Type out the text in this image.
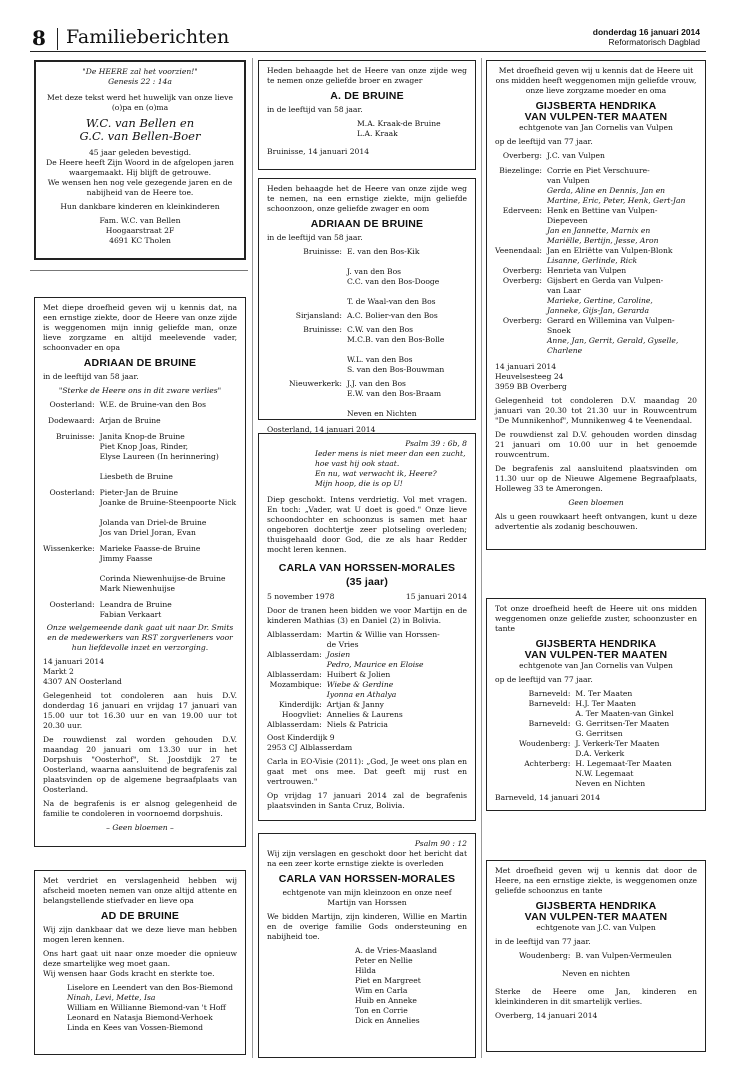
8 Familieberichten	donderdag 16 januari 2014
Reformatorisch Dagblad
"De HEERE zal het voorzien!"
Genesis 22 : 14a

Met deze tekst werd het huwelijk van onze lieve (o)pa en (o)ma

W.C. van Bellen en
G.C. van Bellen-Boer

45 jaar geleden bevestigd.
De Heere heeft Zijn Woord in de afgelopen jaren waargemaakt. Hij blijft de getrouwe.
We wensen hen nog vele gezegende jaren en de nabijheid van de Heere toe.

Hun dankbare kinderen en kleinkinderen

Fam. W.C. van Bellen
Hoogaarstraat 2F
4691 KC Tholen

Met diepe droefheid geven wij u kennis dat, na een ernstige ziekte, door de Heere van onze zijde is weggenomen mijn innig geliefde man, onze lieve zorgzame en altijd meelevende vader, schoonvader en opa

ADRIAAN DE BRUINE

in de leeftijd van 58 jaar.

"Sterke de Heere ons in dit zware verlies"

Oosterland: W.E. de Bruine-van den Bos
Dodewaard: Arjan de Bruine
Bruinisse: Janita Knop-de Bruine
Piet Knop Joas, Rinder,
Elyse Laureen (In herinnering)

Liesbeth de Bruine
Oosterland: Pieter-Jan de Bruine
Joanke de Bruine-Steenpoorte Nick

Jolanda van Driel-de Bruine
Jos van Driel Joran, Evan
Wissenkerke: Marieke Faasse-de Bruine
Jimmy Faasse

Corinda Niewenhuijse-de Bruine
Mark Niewenhuijse
Oosterland: Leandra de Bruine
Fabian Verkaart

Onze welgemeende dank gaat uit naar Dr. Smits en de medewerkers van RST zorgverleners voor hun liefdevolle inzet en verzorging.

14 januari 2014
Markt 2
4307 AN Oosterland

Gelegenheid tot condoleren aan huis D.V. donderdag 16 januari en vrijdag 17 januari van 15.00 uur tot 16.30 uur en van 19.00 uur tot 20.30 uur.

De rouwdienst zal worden gehouden D.V. maandag 20 januari om 13.30 uur in het Dorpshuis "Oosterhof", St. Joostdijk 27 te Oosterland, waarna aansluitend de begrafenis zal plaatsvinden op de algemene begraafplaats van Oosterland.

Na de begrafenis is er alsnog gelegenheid de familie te condoleren in voornoemd dorpshuis.

– Geen bloemen –

Met verdriet en verslagenheid hebben wij afscheid moeten nemen van onze altijd attente en belangstellende stiefvader en lieve opa

AD DE BRUINE

Wij zijn dankbaar dat we deze lieve man hebben mogen leren kennen.

Ons hart gaat uit naar onze moeder die opnieuw deze smartelijke weg moet gaan.
Wij wensen haar Gods kracht en sterkte toe.

Liselore en Leendert van den Bos-Biemond
Ninah, Levi, Mette, Isa
William en Willianne Biemond-van 't Hoff
Leonard en Natasja Biemond-Verhoek
Linda en Kees van Vossen-Biemond

Heden behaagde het de Heere van onze zijde weg te nemen onze geliefde broer en zwager

A. DE BRUINE

in de leeftijd van 58 jaar.

M.A. Kraak-de Bruine
L.A. Kraak
Bruinisse, 14 januari 2014

Heden behaagde het de Heere van onze zijde weg te nemen, na een ernstige ziekte, mijn geliefde schoonzoon, onze geliefde zwager en oom

ADRIAAN DE BRUINE

in de leeftijd van 58 jaar.

Bruinisse: E. van den Bos-Kik

J. van den Bos
C.C. van den Bos-Dooge

T. de Waal-van den Bos
Sirjansland: A.C. Bolier-van den Bos
Bruinisse: C.W. van den Bos
M.C.B. van den Bos-Bolle

W.L. van den Bos
S. van den Bos-Bouwman
Nieuwerkerk: J.J. van den Bos
E.W. van den Bos-Braam

Neven en Nichten
Oosterland, 14 januari 2014
Psalm 39 : 6b, 8
Ieder mens is niet meer dan een zucht,
hoe vast hij ook staat.
En nu, wat verwacht ik, Heere?
Mijn hoop, die is op U!

Diep geschokt. Intens verdrietig. Vol met vragen. En toch: „Vader, wat U doet is goed." Onze lieve schoondochter en schoonzus is samen met haar ongeboren dochtertje zeer plotseling overleden; thuisgehaald door God, die ze als haar Redder mocht leren kennen.

CARLA VAN HORSSEN-MORALES
(35 jaar)
5 november 1978	15 januari 2014

Door de tranen heen bidden we voor Martijn en de kinderen Mathias (3) en Daniel (2) in Bolivia.

Alblasserdam: Martin & Willie van Horssen-
de Vries
Alblasserdam: Josien
Pedro, Maurice en Eloise
Alblasserdam: Huibert & Jolien
Mozambique: Wiebe & Gerdine
Iyonna en Athalya
Kinderdijk: Artjan & Janny
Hoogvliet: Annelies & Laurens
Alblasserdam: Niels & Patricia

Oost Kinderdijk 9
2953 CJ Alblasserdam

Carla in EO-Visie (2011): „God, Je weet ons plan en gaat met ons mee. Dat geeft mij rust en vertrouwen."

Op vrijdag 17 januari 2014 zal de begrafenis plaatsvinden in Santa Cruz, Bolivia.

Psalm 90 : 12

Wij zijn verslagen en geschokt door het bericht dat na een zeer korte ernstige ziekte is overleden

CARLA VAN HORSSEN-MORALES

echtgenote van mijn kleinzoon en onze neef
Martijn van Horssen

We bidden Martijn, zijn kinderen, Willie en Martin en de overige familie Gods ondersteuning en nabijheid toe.

A. de Vries-Maasland
Peter en Nellie
Hilda
Piet en Margreet
Wim en Carla
Huib en Anneke
Ton en Corrie
Dick en Annelies

Met droefheid geven wij u kennis dat de Heere uit ons midden heeft weggenomen mijn geliefde vrouw, onze lieve zorgzame moeder en oma

GIJSBERTA HENDRIKA
VAN VULPEN-TER MAATEN

echtgenote van Jan Cornelis van Vulpen

op de leeftijd van 77 jaar.

Overberg: J.C. van Vulpen
Biezelinge: Corrie en Piet Verschuure-
van Vulpen
Gerda, Aline en Dennis, Jan en
Martine, Eric, Peter, Henk, Gert-Jan
Ederveen: Henk en Bettine van Vulpen-
Diepeveen
Jan en Jannette, Marnix en
Mariëlle, Bertijn, Jesse, Aron
Veenendaal: Jan en Elriëtte van Vulpen-Blonk
Lisanne, Gerlinde, Rick
Overberg: Henrieta van Vulpen
Overberg: Gijsbert en Gerda van Vulpen-
van Laar
Marieke, Gertine, Caroline,
Janneke, Gijs-Jan, Gerarda
Overberg: Gerard en Willemina van Vulpen-
Snoek
Anne, Jan, Gerrit, Gerald, Gyselle,
Charlene

14 januari 2014
Heuvelsesteeg 24
3959 BB Overberg

Gelegenheid tot condoleren D.V. maandag 20 januari van 20.30 tot 21.30 uur in Rouwcentrum "De Munnikenhof", Munnikenweg 4 te Veenendaal.

De rouwdienst zal D.V. gehouden worden dinsdag 21 januari om 10.00 uur in het genoemde rouwcentrum.

De begrafenis zal aansluitend plaatsvinden om 11.30 uur op de Nieuwe Algemene Begraafplaats, Holleweg 33 te Amerongen.

Geen bloemen

Als u geen rouwkaart heeft ontvangen, kunt u deze advertentie als zodanig beschouwen.

Tot onze droefheid heeft de Heere uit ons midden weggenomen onze geliefde zuster, schoonzuster en tante

GIJSBERTA HENDRIKA
VAN VULPEN-TER MAATEN

echtgenote van Jan Cornelis van Vulpen

op de leeftijd van 77 jaar.

Barneveld: M. Ter Maaten
Barneveld: H.J. Ter Maaten
A. Ter Maaten-van Ginkel
Barneveld: G. Gerritsen-Ter Maaten
G. Gerritsen
Woudenberg: J. Verkerk-Ter Maaten
D.A. Verkerk
Achterberg: H. Legemaat-Ter Maaten
N.W. Legemaat
Neven en Nichten
Barneveld, 14 januari 2014

Met droefheid geven wij u kennis dat door de Heere, na een ernstige ziekte, is weggenomen onze geliefde schoonzus en tante

GIJSBERTA HENDRIKA
VAN VULPEN-TER MAATEN

echtgenote van J.C. van Vulpen

in de leeftijd van 77 jaar.

Woudenberg: B. van Vulpen-Vermeulen

Neven en nichten

Sterke de Heere ome Jan, kinderen en kleinkinderen in dit smartelijk verlies.

Overberg, 14 januari 2014
